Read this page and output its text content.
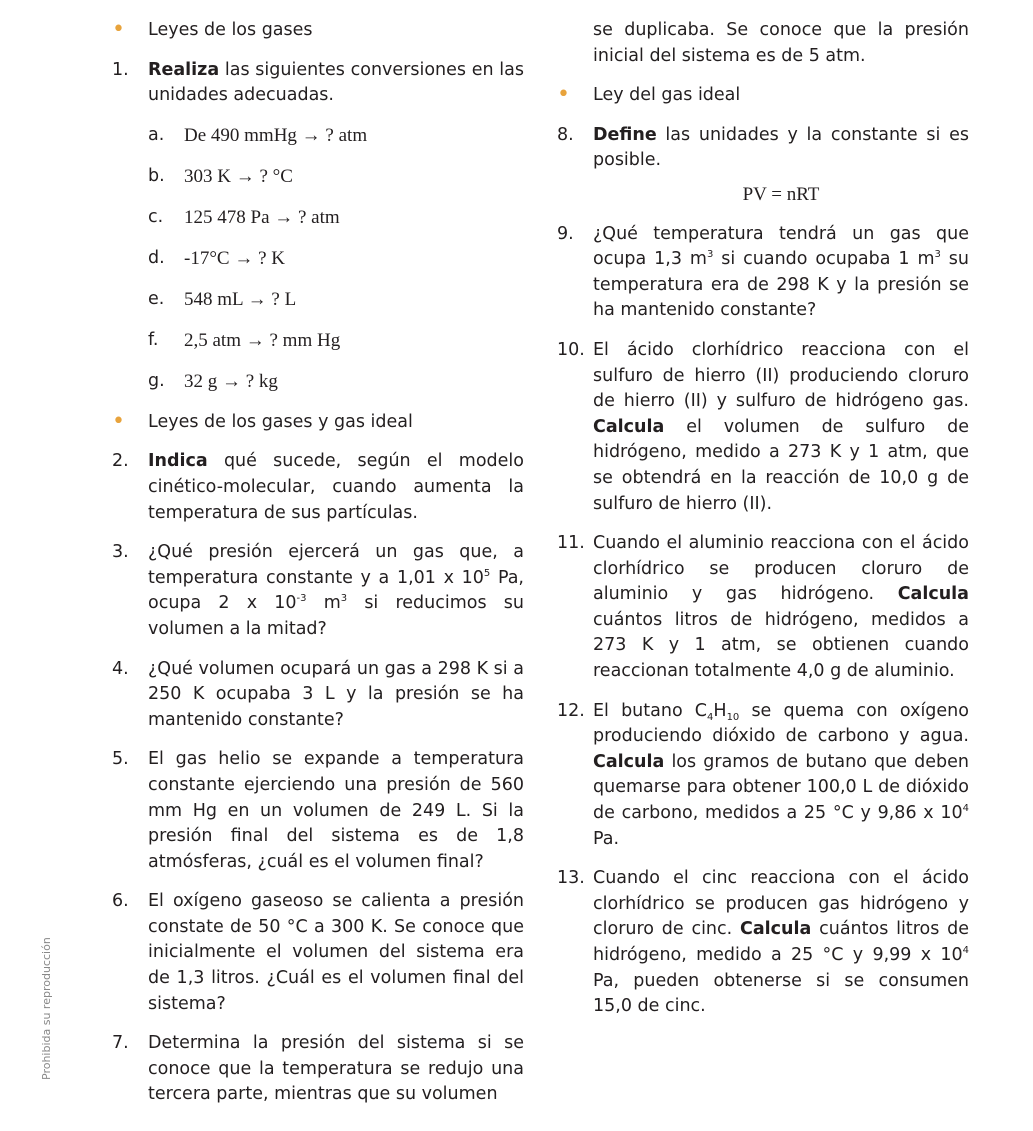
• Leyes de los gases
1. Realiza las siguientes conversiones en las unidades adecuadas.
a. De 490 mmHg → ? atm
b. 303 K → ? °C
c. 125 478 Pa → ? atm
d. -17°C → ? K
e. 548 mL → ? L
f. 2,5 atm → ? mm Hg
g. 32 g → ? kg
• Leyes de los gases y gas ideal
2. Indica qué sucede, según el modelo cinético-molecular, cuando aumenta la temperatura de sus partículas.
3. ¿Qué presión ejercerá un gas que, a temperatura constante y a 1,01 x $10^5$ Pa, ocupa 2 x $10^{-3}$ $m^3$ si reducimos su volumen a la mitad?
4. ¿Qué volumen ocupará un gas a 298 K si a 250 K ocupaba 3 L y la presión se ha mantenido constante?
5. El gas helio se expande a temperatura constante ejerciendo una presión de 560 mm Hg en un volumen de 249 L. Si la presión final del sistema es de 1,8 atmósferas, ¿cuál es el volumen final?
6. El oxígeno gaseoso se calienta a presión constate de 50 °C a 300 K. Se conoce que inicialmente el volumen del sistema era de 1,3 litros. ¿Cuál es el volumen final del sistema?
7. Determina la presión del sistema si se conoce que la temperatura se redujo una tercera parte, mientras que su volumen
se duplicaba. Se conoce que la presión inicial del sistema es de 5 atm.
• Ley del gas ideal
8. Define las unidades y la constante si es posible.
PV = nRT
9. ¿Qué temperatura tendrá un gas que ocupa 1,3 $m^3$ si cuando ocupaba 1 $m^3$ su temperatura era de 298 K y la presión se ha mantenido constante?
10. El ácido clorhídrico reacciona con el sulfuro de hierro (II) produciendo cloruro de hierro (II) y sulfuro de hidrógeno gas. Calcula el volumen de sulfuro de hidrógeno, medido a 273 K y 1 atm, que se obtendrá en la reacción de 10,0 g de sulfuro de hierro (II).
11. Cuando el aluminio reacciona con el ácido clorhídrico se producen cloruro de aluminio y gas hidrógeno. Calcula cuántos litros de hidrógeno, medidos a 273 K y 1 atm, se obtienen cuando reaccionan totalmente 4,0 g de aluminio.
12. El butano $C_4H_{10}$ se quema con oxígeno produciendo dióxido de carbono y agua. Calcula los gramos de butano que deben quemarse para obtener 100,0 L de dióxido de carbono, medidos a 25 °C y 9,86 x $10^4$ Pa.
13. Cuando el cinc reacciona con el ácido clorhídrico se producen gas hidrógeno y cloruro de cinc. Calcula cuántos litros de hidrógeno, medido a 25 °C y 9,99 x $10^4$ Pa, pueden obtenerse si se consumen 15,0 de cinc.
Prohibida su reproducción
